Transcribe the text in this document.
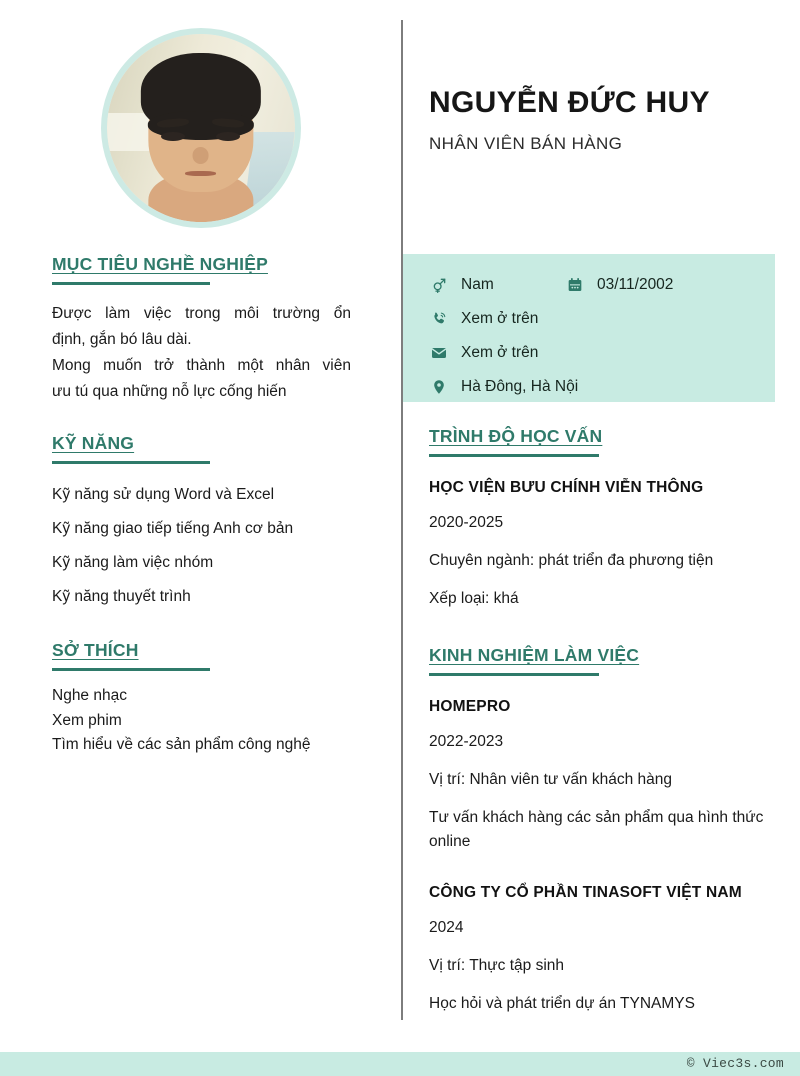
MỤC TIÊU NGHỀ NGHIỆP

Được làm việc trong môi trường ổn
định, gắn bó lâu dài.
Mong muốn trở thành một nhân viên
ưu tú qua những nỗ lực cống hiến

KỸ NĂNG
Kỹ năng sử dụng Word và Excel
Kỹ năng giao tiếp tiếng Anh cơ bản
Kỹ năng làm việc nhóm
Kỹ năng thuyết trình
SỞ THÍCH
Nghe nhạc
Xem phim
Tìm hiểu về các sản phẩm công nghệ
NGUYỄN ĐỨC HUY
NHÂN VIÊN BÁN HÀNG
Nam	03/11/2002
Xem ở trên
Xem ở trên
Hà Đông, Hà Nội
TRÌNH ĐỘ HỌC VẤN

HỌC VIỆN BƯU CHÍNH VIỄN THÔNG

2020-2025

Chuyên ngành: phát triển đa phương tiện

Xếp loại: khá

KINH NGHIỆM LÀM VIỆC

HOMEPRO

2022-2023

Vị trí: Nhân viên tư vấn khách hàng

Tư vấn khách hàng các sản phẩm qua hình thức online

CÔNG TY CỔ PHẦN TINASOFT VIỆT NAM

2024

Vị trí: Thực tập sinh

Học hỏi và phát triển dự án TYNAMYS

© Viec3s.com
